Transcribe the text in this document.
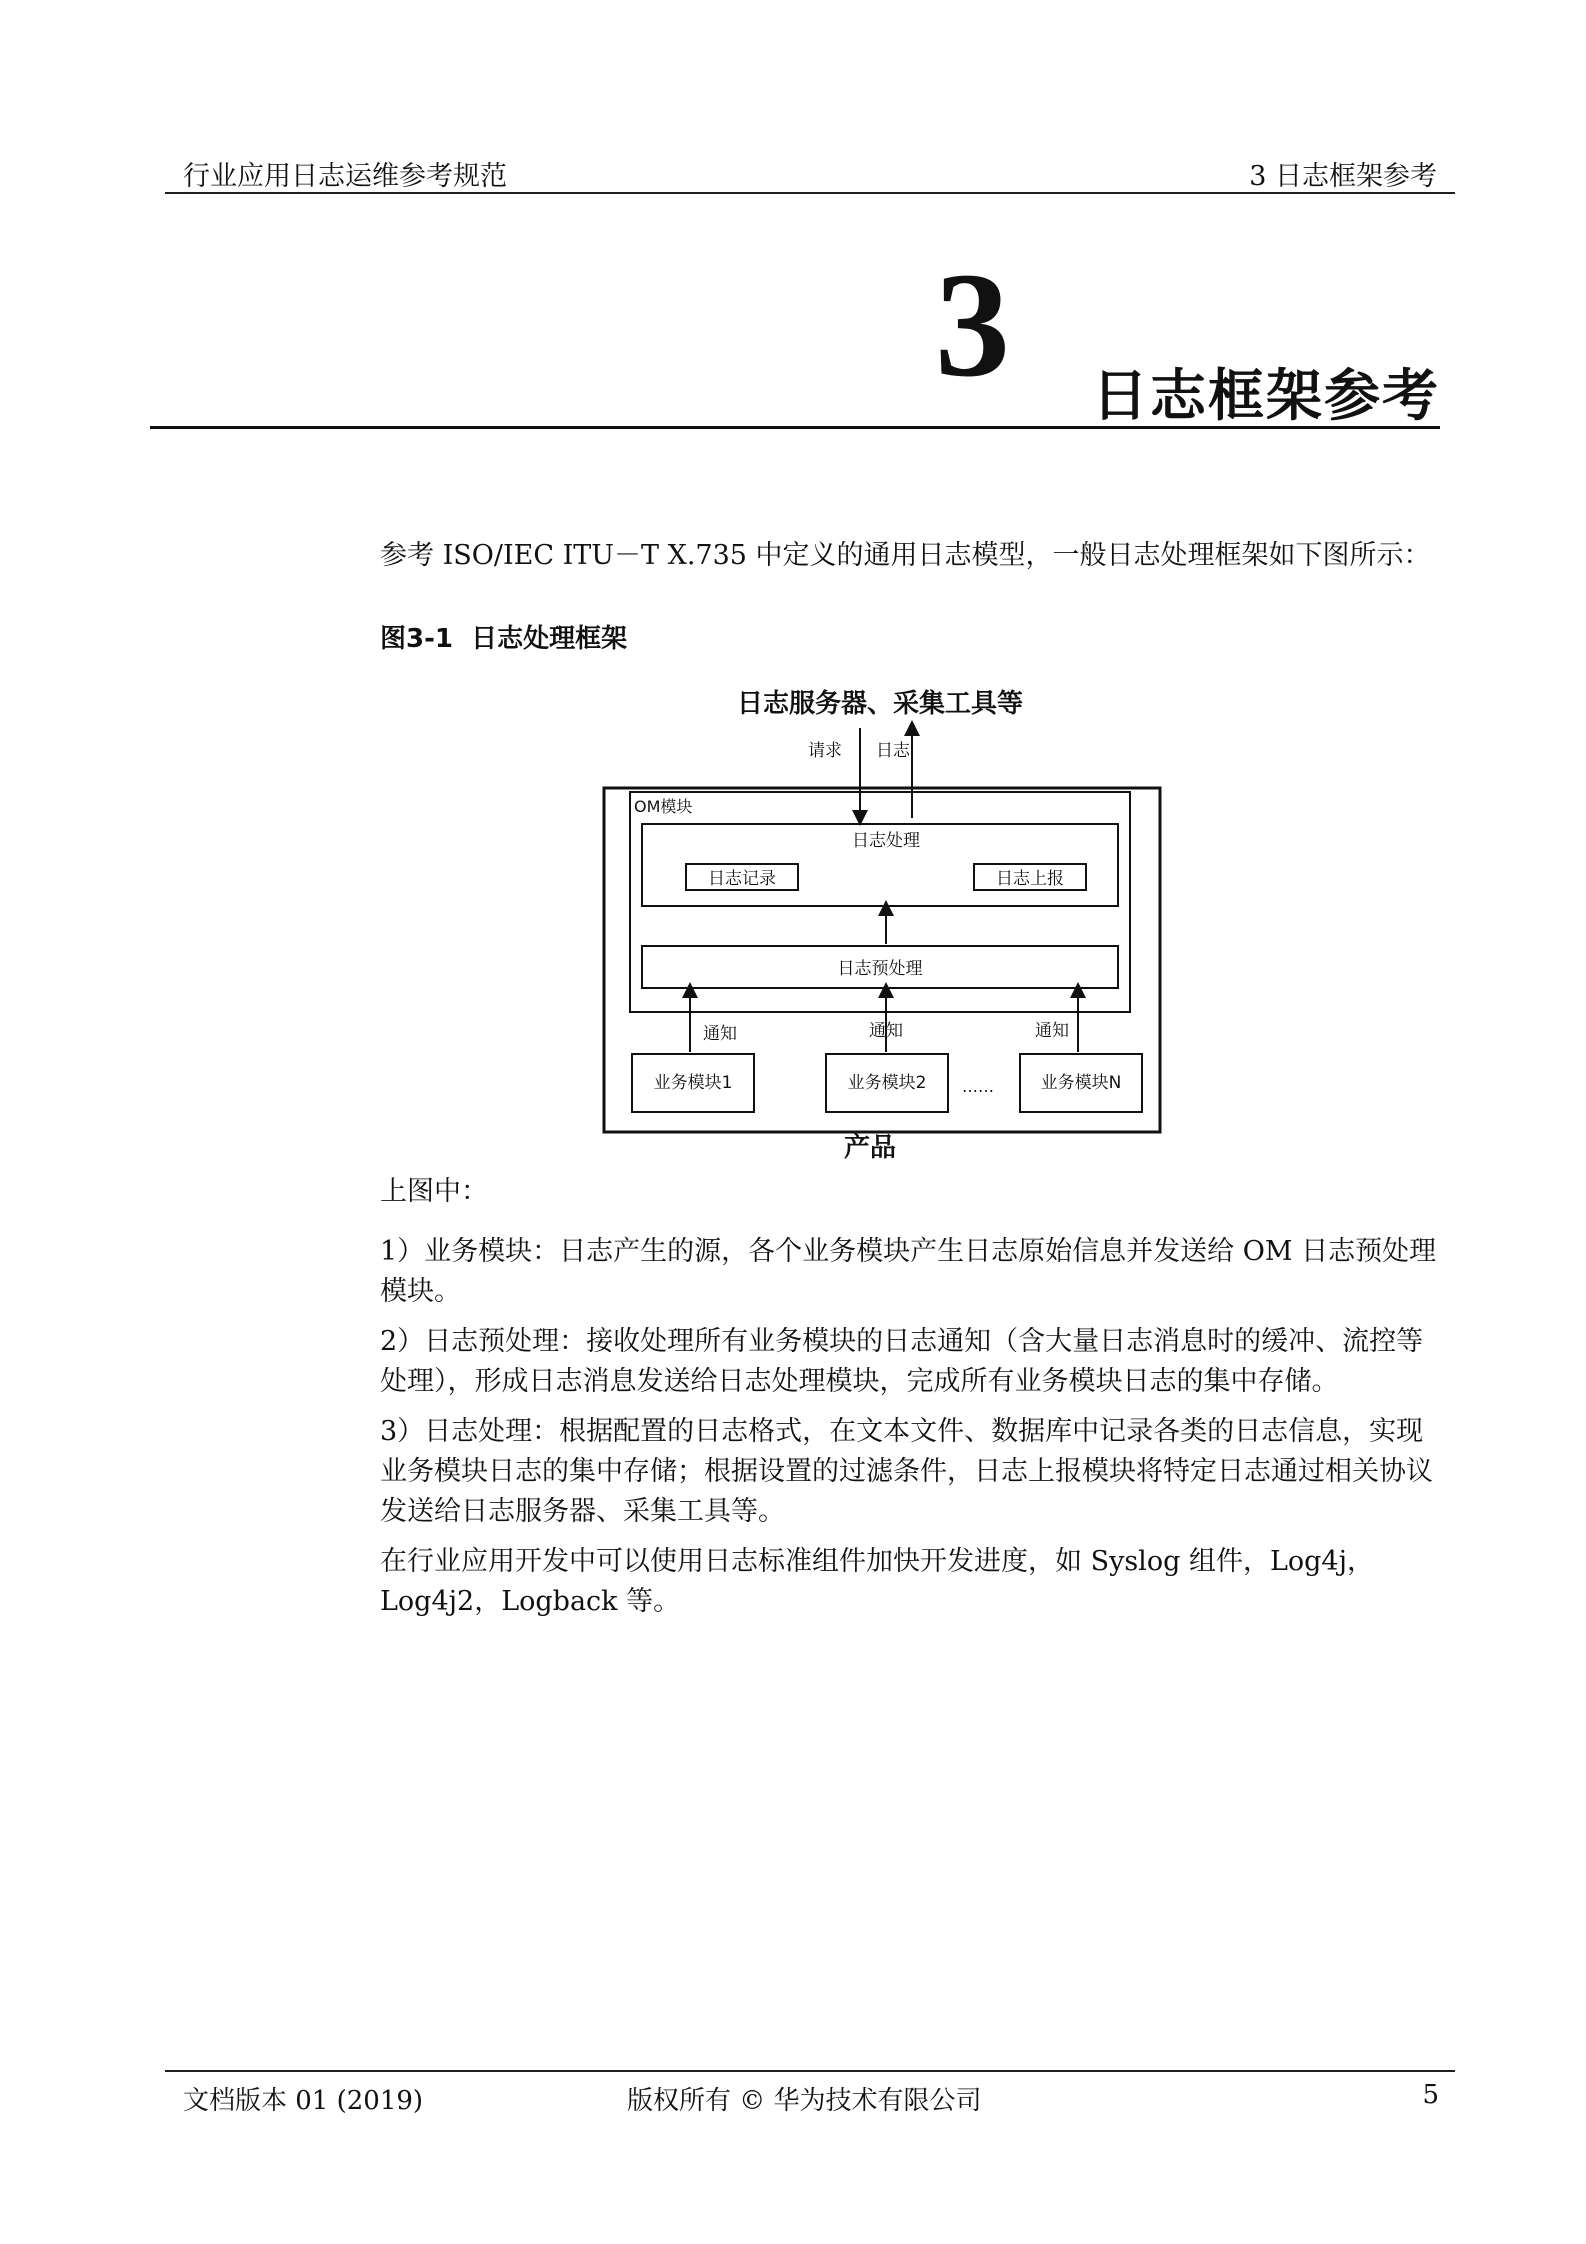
行业应用日志运维参考规范	3 日志框架参考
3 日志框架参考
参考 ISO/IEC ITU－T X.735 中定义的通用日志模型，一般日志处理框架如下图所示：
图3-1 日志处理框架
日志服务器、采集工具等
请求 日志
OM模块
日志处理
日志记录	日志上报
日志预处理
通知	通知	通知
业务模块1	业务模块2 ……	业务模块N
产品
上图中：
1）业务模块：日志产生的源，各个业务模块产生日志原始信息并发送给 OM 日志预处理模块。
2）日志预处理：接收处理所有业务模块的日志通知（含大量日志消息时的缓冲、流控等处理），形成日志消息发送给日志处理模块，完成所有业务模块日志的集中存储。
3）日志处理：根据配置的日志格式，在文本文件、数据库中记录各类的日志信息，实现业务模块日志的集中存储；根据设置的过滤条件，日志上报模块将特定日志通过相关协议发送给日志服务器、采集工具等。
在行业应用开发中可以使用日志标准组件加快开发进度，如 Syslog 组件，Log4j，Log4j2，Logback 等。
文档版本 01 (2019)	版权所有 © 华为技术有限公司	5
